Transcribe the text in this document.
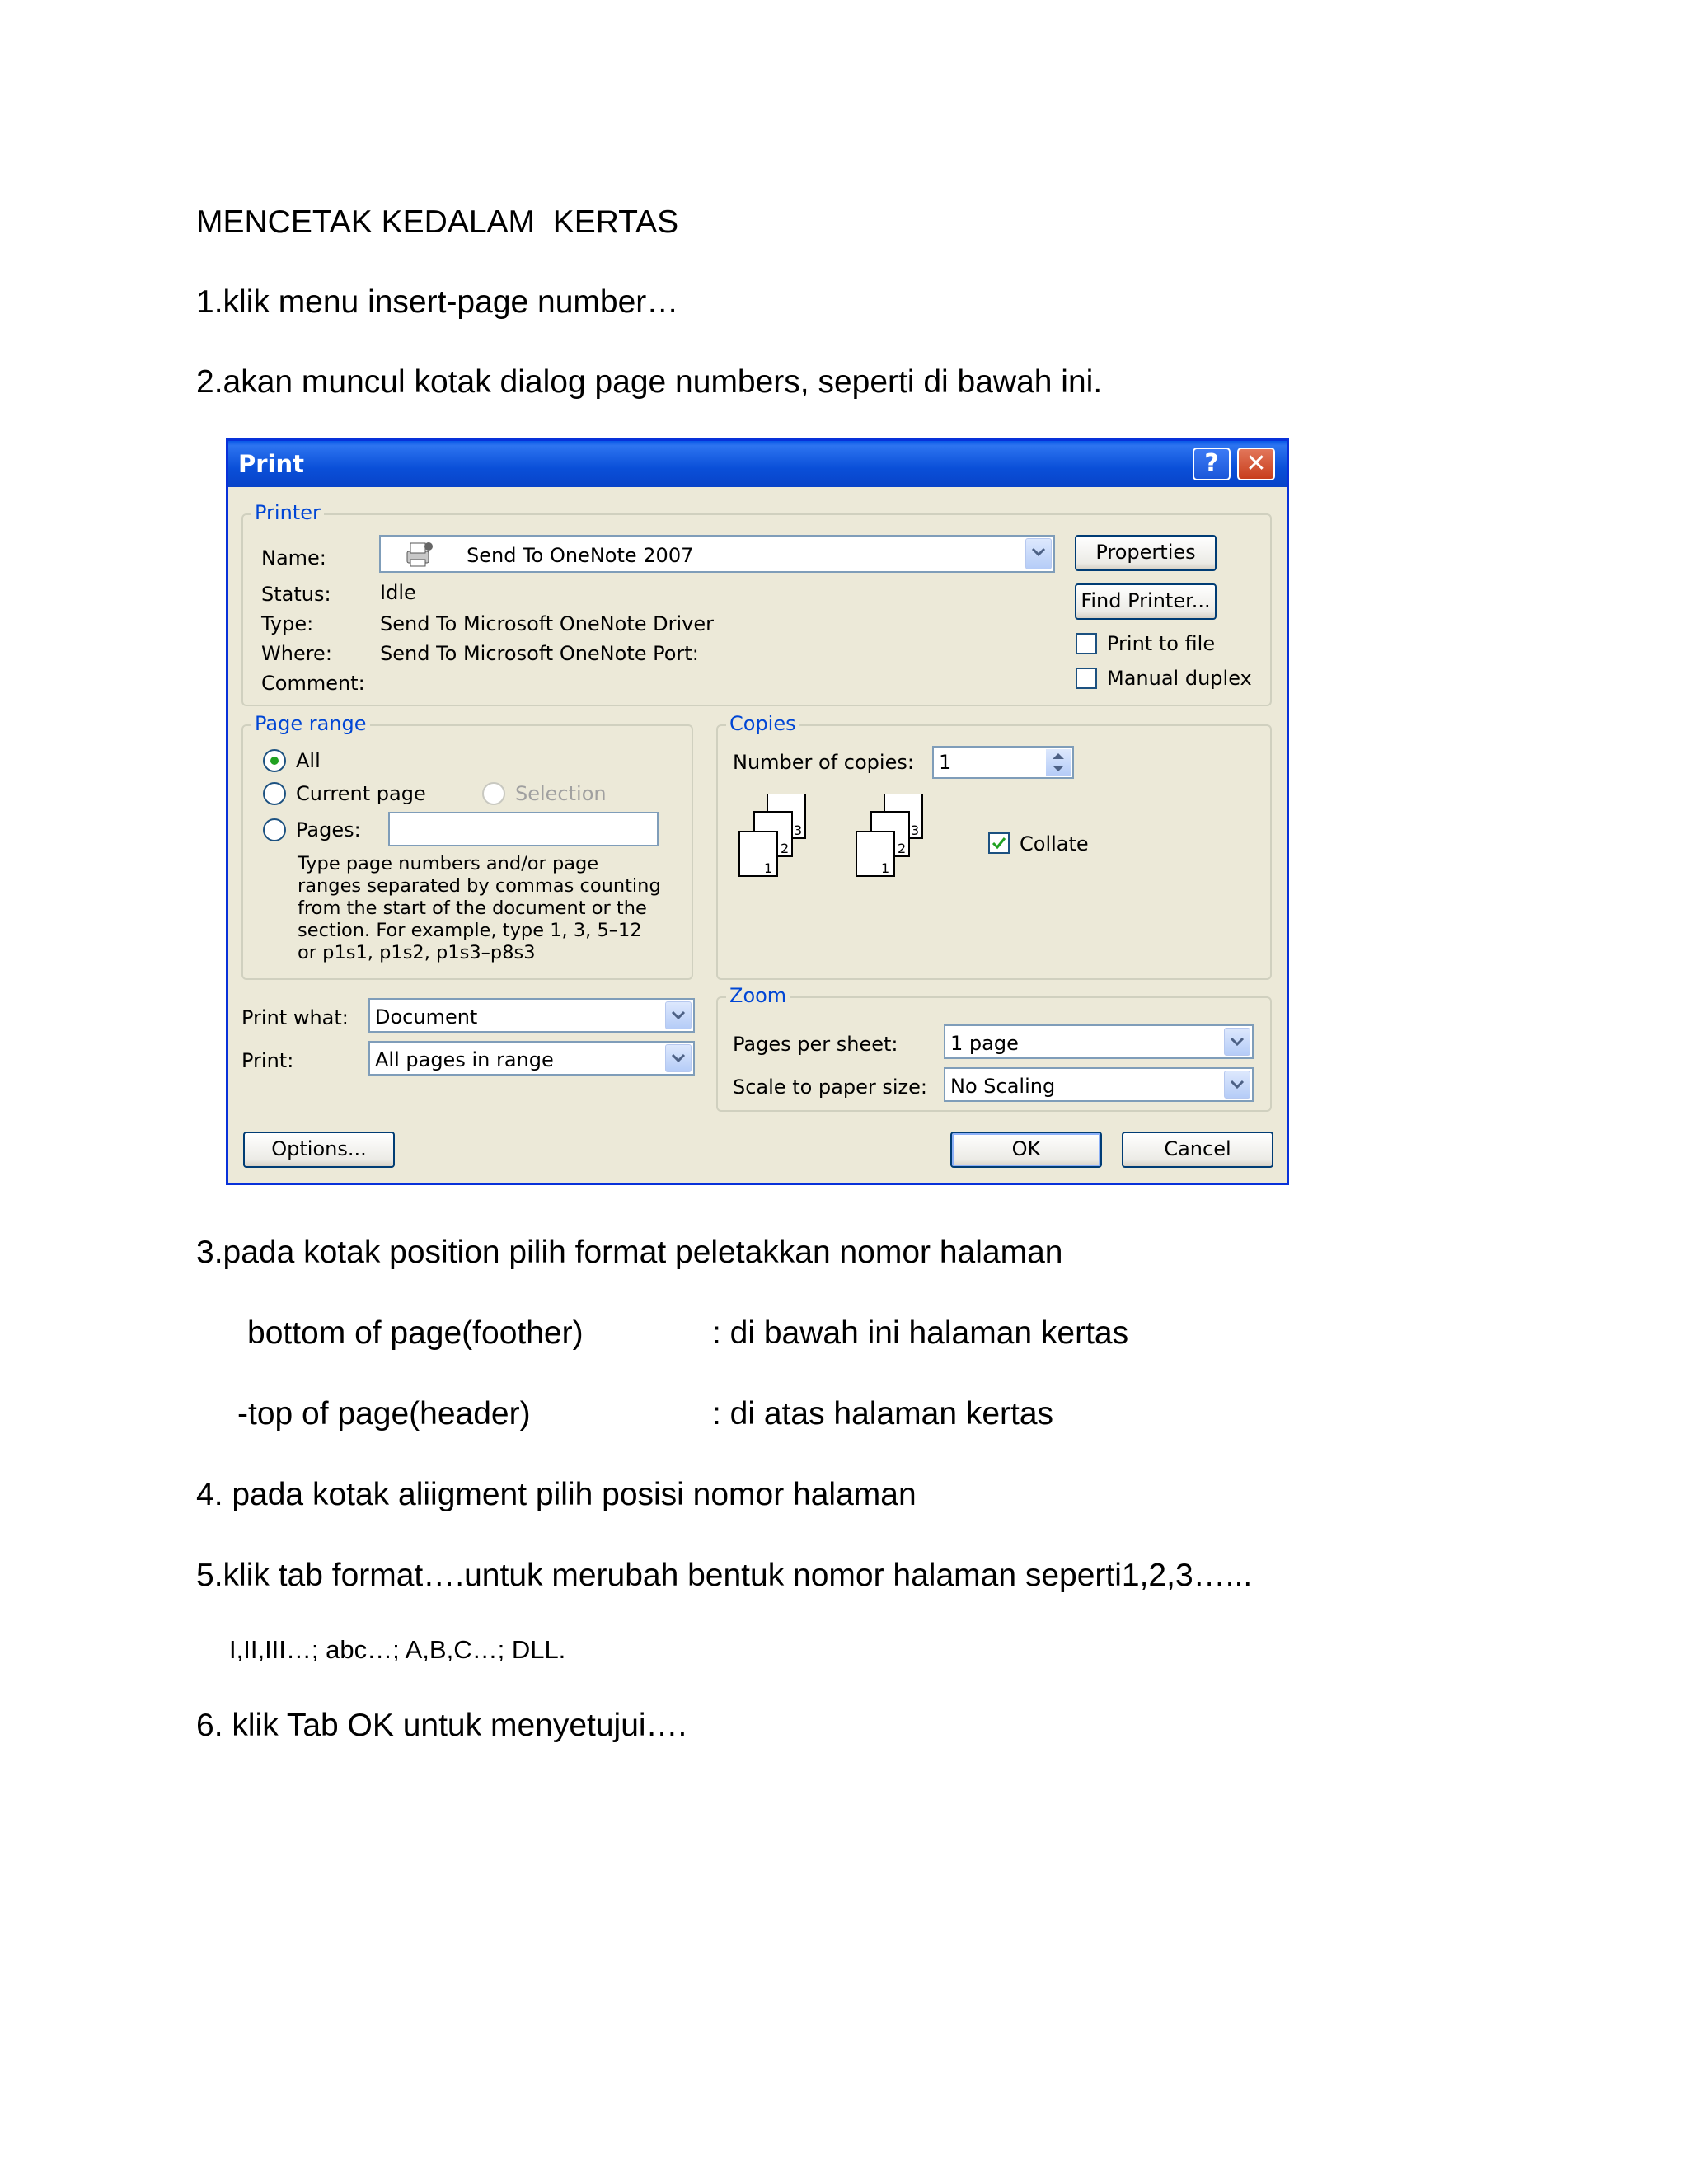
MENCETAK KEDALAM  KERTAS
1.klik menu insert-page number…
2.akan muncul kotak dialog page numbers, seperti di bawah ini.
Print	?	✕
Printer
Name:	Send To OneNote 2007	Properties
Find Printer...
Status: Idle
Type:	Send To Microsoft OneNote Driver
Where: Send To Microsoft OneNote Port:
Comment:
Print to file
Manual duplex
Page range
All
Current page	Selection
Pages:
Type page numbers and/or page
ranges separated by commas counting
from the start of the document or the
section. For example, type 1, 3, 5–12
or p1s1, p1s2, p1s3–p8s3
Copies
Number of copies: 1
3
2
1
3
2
1
Collate
Print what: Document
Print:	All pages in range
Zoom
Pages per sheet:	1 page
Scale to paper size: No Scaling
Options...	OK	Cancel
3.pada kotak position pilih format peletakkan nomor halaman
bottom of page(foother)	: di bawah ini halaman kertas
-top of page(header)	: di atas halaman kertas
4. pada kotak aliigment pilih posisi nomor halaman
5.klik tab format….untuk merubah bentuk nomor halaman seperti1,2,3…...
I,II,III…; abc…; A,B,C…; DLL.
6. klik Tab OK untuk menyetujui….
